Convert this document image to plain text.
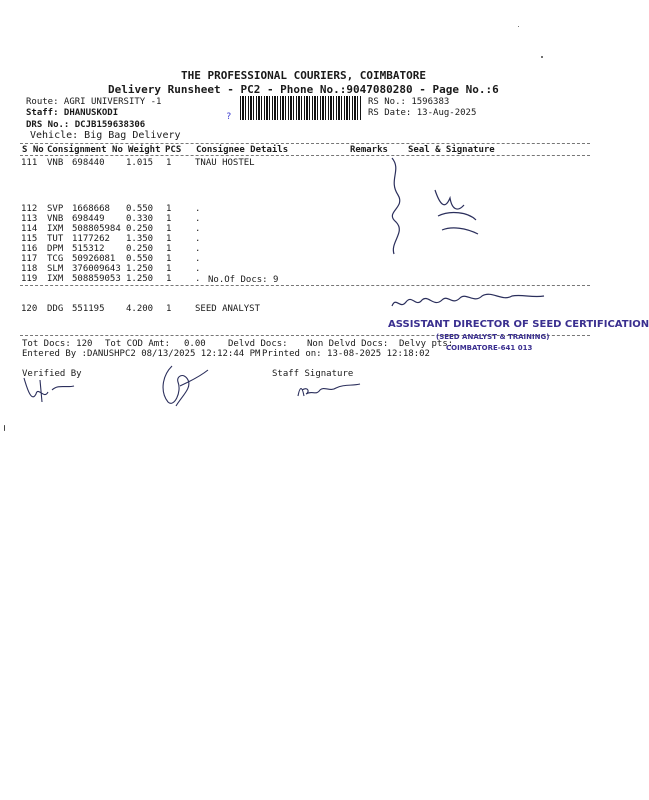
THE PROFESSIONAL COURIERS, COIMBATORE
Delivery Runsheet - PC2 - Phone No.:9047080280 - Page No.:6
Route: AGRI UNIVERSITY -1
Staff: DHANUSKODI
DRS No.: DCJB159638306
Vehicle: Big Bag Delivery
?
RS No.: 1596383
RS Date: 13-Aug-2025
S No Consignment No Weight PCS Consignee Details	Remarks Seal & Signature
111	VNB	698440	1.015	1	TNAU HOSTEL

112	SVP	1668668	0.550	1	.
113	VNB	698449	0.330	1	.
114	IXM	508805984	0.250	1	.
115	TUT	1177262	1.350	1	.
116	DPM	515312	0.250	1	.
117	TCG	50926081	0.550	1	.
118	SLM	376009643	1.250	1	.
119	IXM	508859053	1.250	1	.

120	DDG	551195	4.200	1	SEED ANALYST
No.Of Docs: 9
ASSISTANT DIRECTOR OF SEED CERTIFICATION
(SEED ANALYST & TRAINING)
COIMBATORE-641 013
Tot Docs: 120 Tot COD Amt: 0.00 Delvd Docs: Non Delvd Docs: Delvy pts:
Entered By :DANUSHPC2 08/13/2025 12:12:44 PM Printed on: 13-08-2025 12:18:02
Verified By	Staff Signature
